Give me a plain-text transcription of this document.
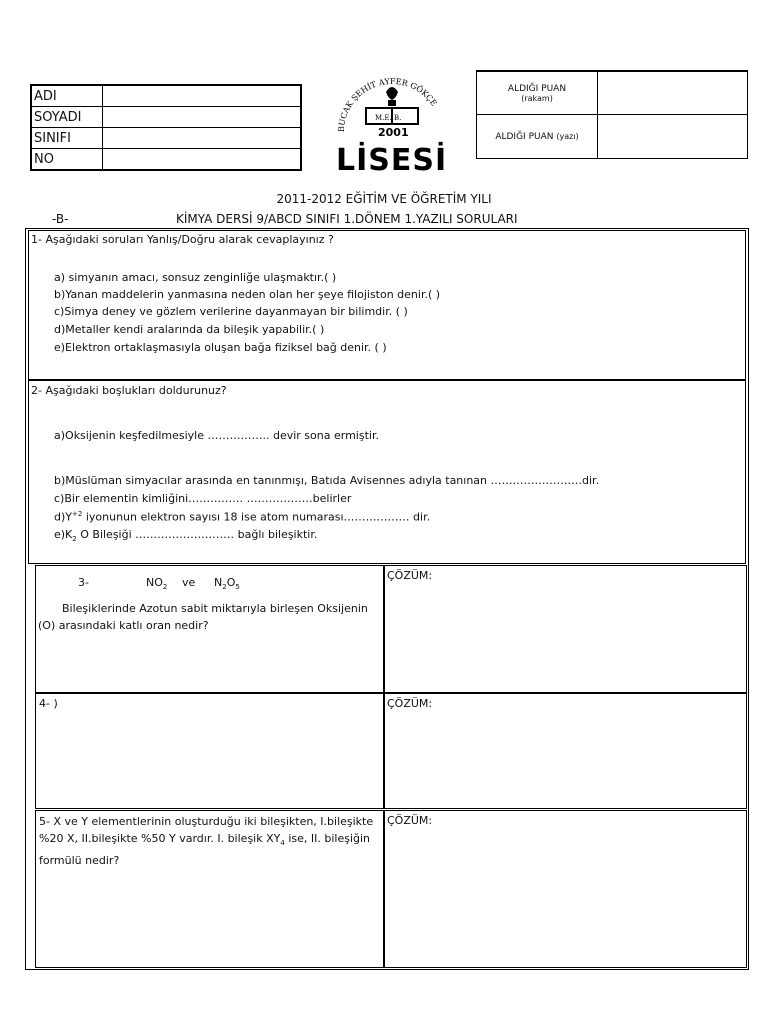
ADI	
SOYADI	
SINIFI	
NO	
BUCAK ŞEHİT AYFER GÖKÇE
M.E. B.
2001
LİSESİ
ALDIĞI PUAN
(rakam)	

ALDIĞI PUAN (yazı)	
2011-2012 EĞİTİM VE ÖĞRETİM YILI
-B-	KİMYA DERSİ 9/ABCD SINIFI 1.DÖNEM 1.YAZILI SORULARI
1- Aşağıdaki soruları Yanlış/Doğru alarak cevaplayınız ?
a) simyanın amacı, sonsuz zenginliğe ulaşmaktır.( )
b)Yanan maddelerin yanmasına neden olan her şeye filojiston denir.( )
c)Simya deney ve gözlem verilerine dayanmayan bir bilimdir. ( )
d)Metaller kendi aralarında da bileşik yapabilir.( )
e)Elektron ortaklaşmasıyla oluşan bağa fiziksel bağ denir. ( )
2- Aşağıdaki boşlukları doldurunuz?
a)Oksijenin keşfedilmesiyle …………….. devir sona ermiştir.
b)Müslüman simyacılar arasında en tanınmışı, Batıda Avisennes adıyla tanınan …………………….dir.
c)Bir elementin kimliğini…………… ………………belirler
$d)Y^{+2}$ iyonunun elektron sayısı 18 ise atom numarası……………… dir.
$e)K_2$ O Bileşiği ……………………… bağlı bileşiktir.
3-	$NO_2$ ve $N_2O_5$
Bileşiklerinde Azotun sabit miktarıyla birleşen Oksijenin (O) arasındaki katlı oran nedir?
ÇÖZÜM:
4- )	ÇÖZÜM:
5- X ve Y elementlerinin oluşturduğu iki bileşikten, I.bileşikte %20 X, II.bileşikte %50 Y vardır. I. bileşik $XY_4$ ise, II. bileşiğin formülü nedir?
ÇÖZÜM:
